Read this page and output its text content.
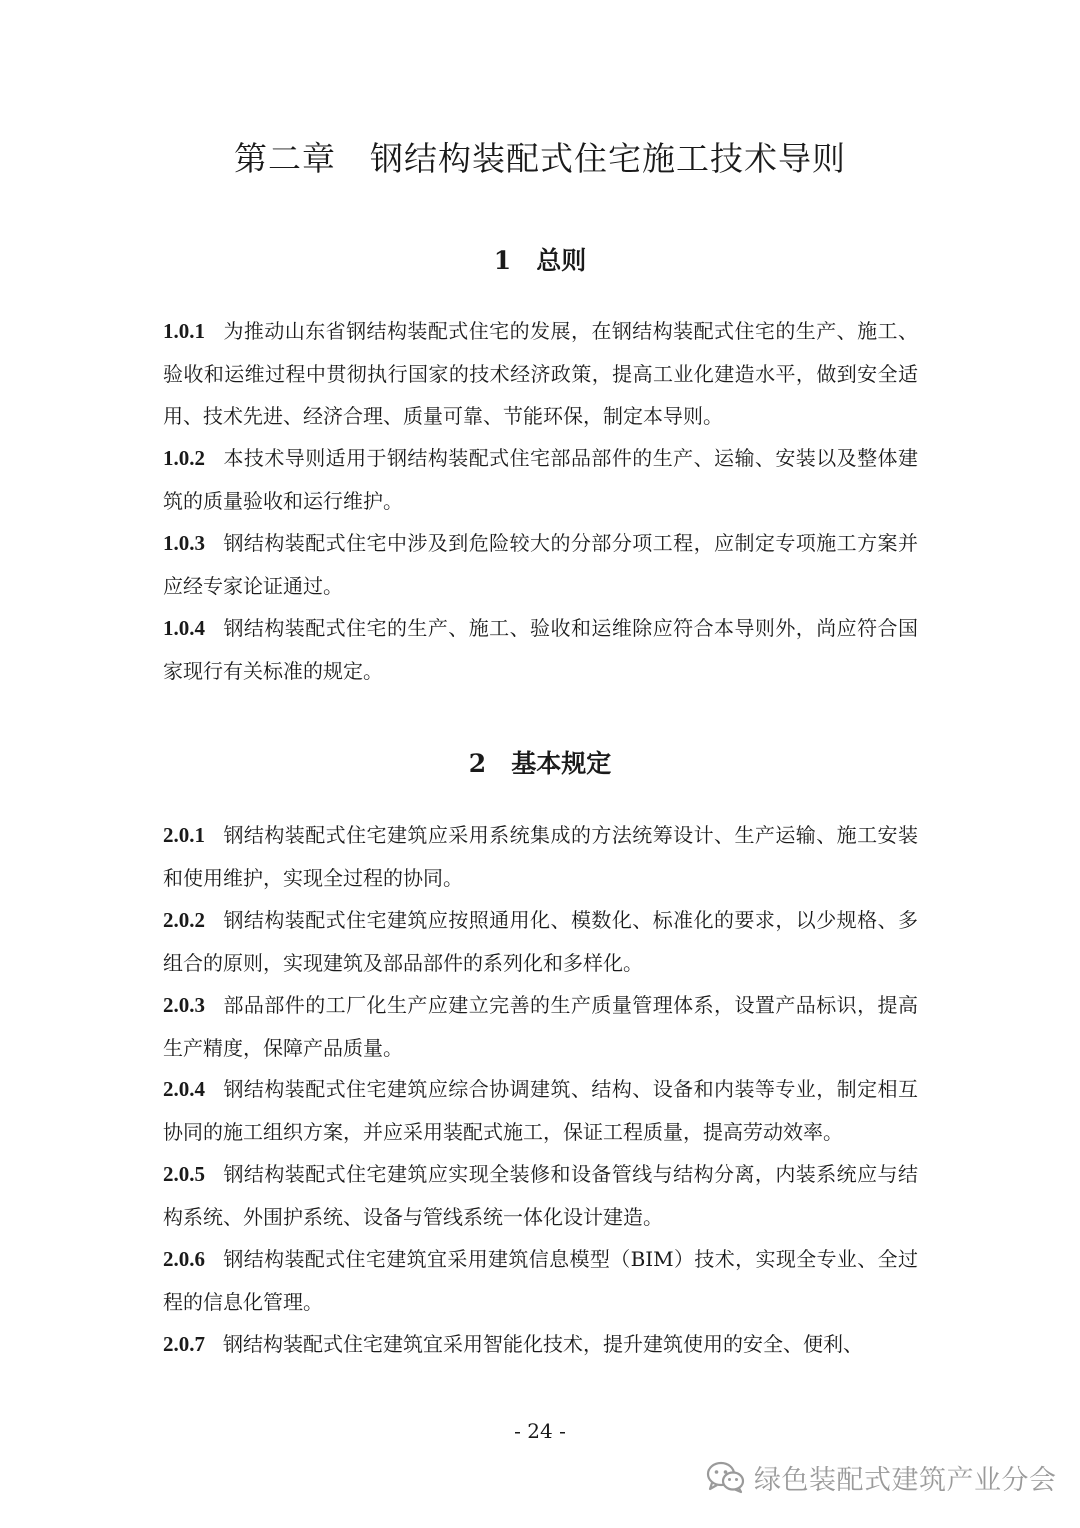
第二章　钢结构装配式住宅施工技术导则
1　总则
1.0.1 为推动山东省钢结构装配式住宅的发展，在钢结构装配式住宅的生产、施工、验收和运维过程中贯彻执行国家的技术经济政策，提高工业化建造水平，做到安全适用、技术先进、经济合理、质量可靠、节能环保，制定本导则。
1.0.2 本技术导则适用于钢结构装配式住宅部品部件的生产、运输、安装以及整体建筑的质量验收和运行维护。
1.0.3 钢结构装配式住宅中涉及到危险较大的分部分项工程，应制定专项施工方案并应经专家论证通过。
1.0.4 钢结构装配式住宅的生产、施工、验收和运维除应符合本导则外，尚应符合国家现行有关标准的规定。
2　基本规定
2.0.1 钢结构装配式住宅建筑应采用系统集成的方法统筹设计、生产运输、施工安装和使用维护，实现全过程的协同。
2.0.2 钢结构装配式住宅建筑应按照通用化、模数化、标准化的要求，以少规格、多组合的原则，实现建筑及部品部件的系列化和多样化。
2.0.3 部品部件的工厂化生产应建立完善的生产质量管理体系，设置产品标识，提高生产精度，保障产品质量。
2.0.4 钢结构装配式住宅建筑应综合协调建筑、结构、设备和内装等专业，制定相互协同的施工组织方案，并应采用装配式施工，保证工程质量，提高劳动效率。
2.0.5 钢结构装配式住宅建筑应实现全装修和设备管线与结构分离，内装系统应与结构系统、外围护系统、设备与管线系统一体化设计建造。
2.0.6 钢结构装配式住宅建筑宜采用建筑信息模型（BIM）技术，实现全专业、全过程的信息化管理。
2.0.7 钢结构装配式住宅建筑宜采用智能化技术，提升建筑使用的安全、便利、
- 24 -
绿色装配式建筑产业分会
